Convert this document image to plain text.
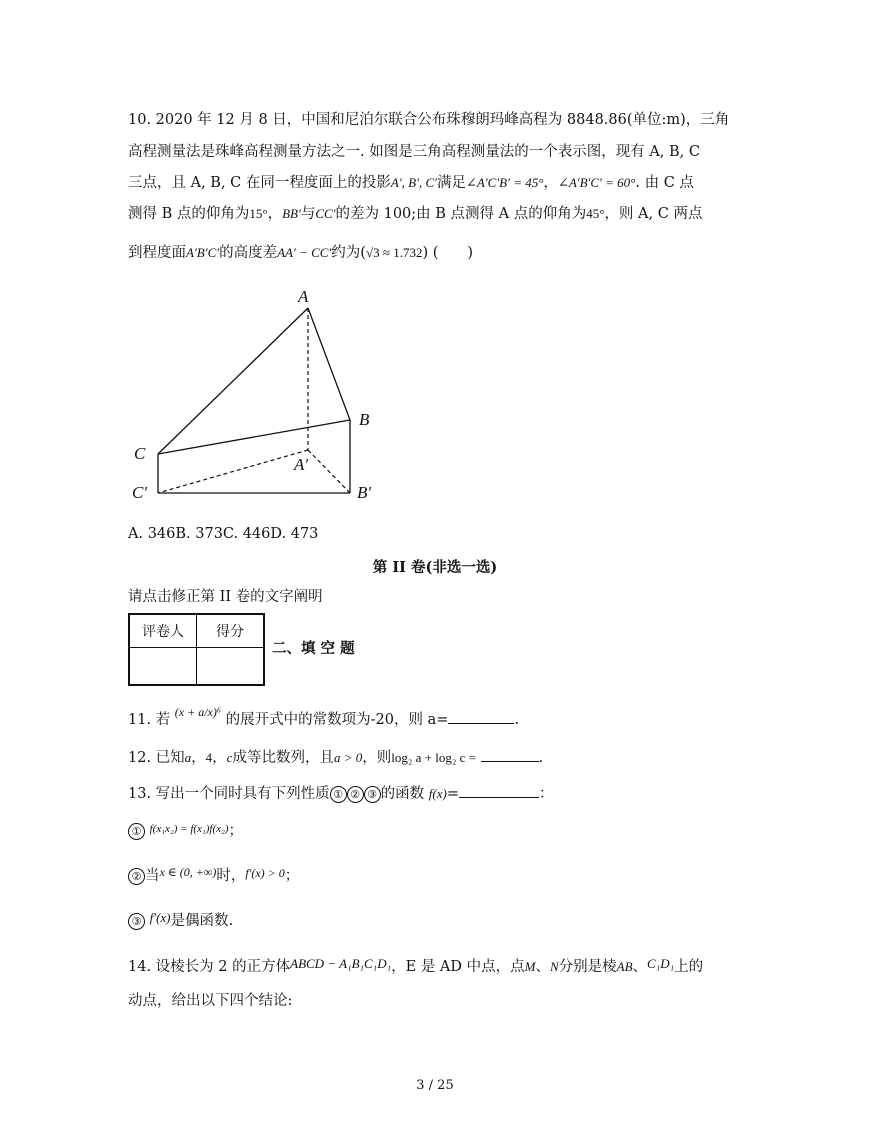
10. 2020 年 12 月 8 日，中国和尼泊尔联合公布珠穆朗玛峰高程为 8848.86(单位:m)，三角
高程测量法是珠峰高程测量方法之一. 如图是三角高程测量法的一个表示图，现有 A, B, C
三点，且 A, B, C 在同一程度面上的投影A′, B′, C′满足∠A′C′B′ = 45°，∠A′B′C′ = 60°. 由 C 点
测得 B 点的仰角为15°，BB′与CC′的差为 100;由 B 点测得 A 点的仰角为45°，则 A, C 两点
到程度面A′B′C′的高度差AA′ − CC′约为(√3 ≈ 1.732) (　　)
A
B
C
A′
B′
C′
A. 346B. 373C. 446D. 473
第 II 卷(非选一选)
请点击修正第 II 卷的文字阐明
评卷人	得分

二、填 空 题
11. 若 $^{(x + a/x)^6}$ 的展开式中的常数项为-20，则 a=	.
12. 已知a，4，c成等比数列，且a > 0，则log₂ a + log₂ c =	.
13. 写出一个同时具有下列性质 ① ② ③ 的函数 f(x)=	：
① $^{f(x_1x_2) = f(x_1)f(x_2)}$；
② 当$^{x \in (0, +\infty)}$时，$^{f'(x) > 0}$；
③ f′(x)是偶函数.
14. 设棱长为 2 的正方体ABCD − A₁B₁C₁D₁，E 是 AD 中点，点M、N分别是棱AB、C₁D₁上的
动点，给出以下四个结论:
3 / 25
